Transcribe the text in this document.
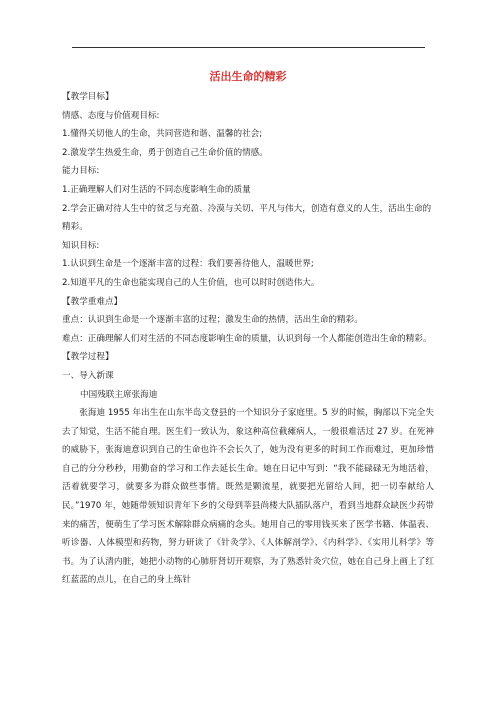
活出生命的精彩

【教学目标】

情感、态度与价值观目标:

1.懂得关切他人的生命，共同营造和谐、温馨的社会;

2.激发学生热爱生命，勇于创造自己生命价值的情感。

能力目标:

1.正确理解人们对生活的不同态度影响生命的质量

2.学会正确对待人生中的贫乏与充盈、冷漠与关切、平凡与伟大，创造有意义的人生，活出生命的精彩。

知识目标:

1.认识到生命是一个逐渐丰富的过程：我们要善待他人，温暖世界;

2.知道平凡的生命也能实现自己的人生价值，也可以时时创造伟大。

【教学重难点】

重点：认识到生命是一个逐渐丰富的过程；激发生命的热情，活出生命的精彩。

难点：正确理解人们对生活的不同态度影响生命的质量，认识到每一个人都能创造出生命的精彩。

【教学过程】

一、导入新课

中国残联主席张海迪

张海迪 1955 年出生在山东半岛文登县的一个知识分子家庭里。5 岁的时候，胸部以下完全失去了知觉，生活不能自理。医生们一致认为，象这种高位截瘫病人，一般很难活过 27 岁。在死神的威胁下，张海迪意识到自己的生命也许不会长久了，她为没有更多的时间工作而难过，更加珍惜自己的分分秒秒，用勤奋的学习和工作去延长生命。她在日记中写到：“我不能碌碌无为地活着，活着就要学习，就要多为群众做些事情。既然是颗流星，就要把光留给人间，把一切奉献给人民。”1970 年，她随带领知识青年下乡的父母到莘县尚楼大队插队落户，看到当地群众缺医少药带来的痛苦，便萌生了学习医术解除群众病痛的念头。她用自己的零用钱买来了医学书籍、体温表、听诊器、人体模型和药物，努力研读了《针灸学》、《人体解剖学》、《内科学》、《实用儿科学》等书。为了认清内脏，她把小动物的心肺肝肾切开观察，为了熟悉针灸穴位，她在自己身上画上了红红蓝蓝的点儿，在自己的身上练针
